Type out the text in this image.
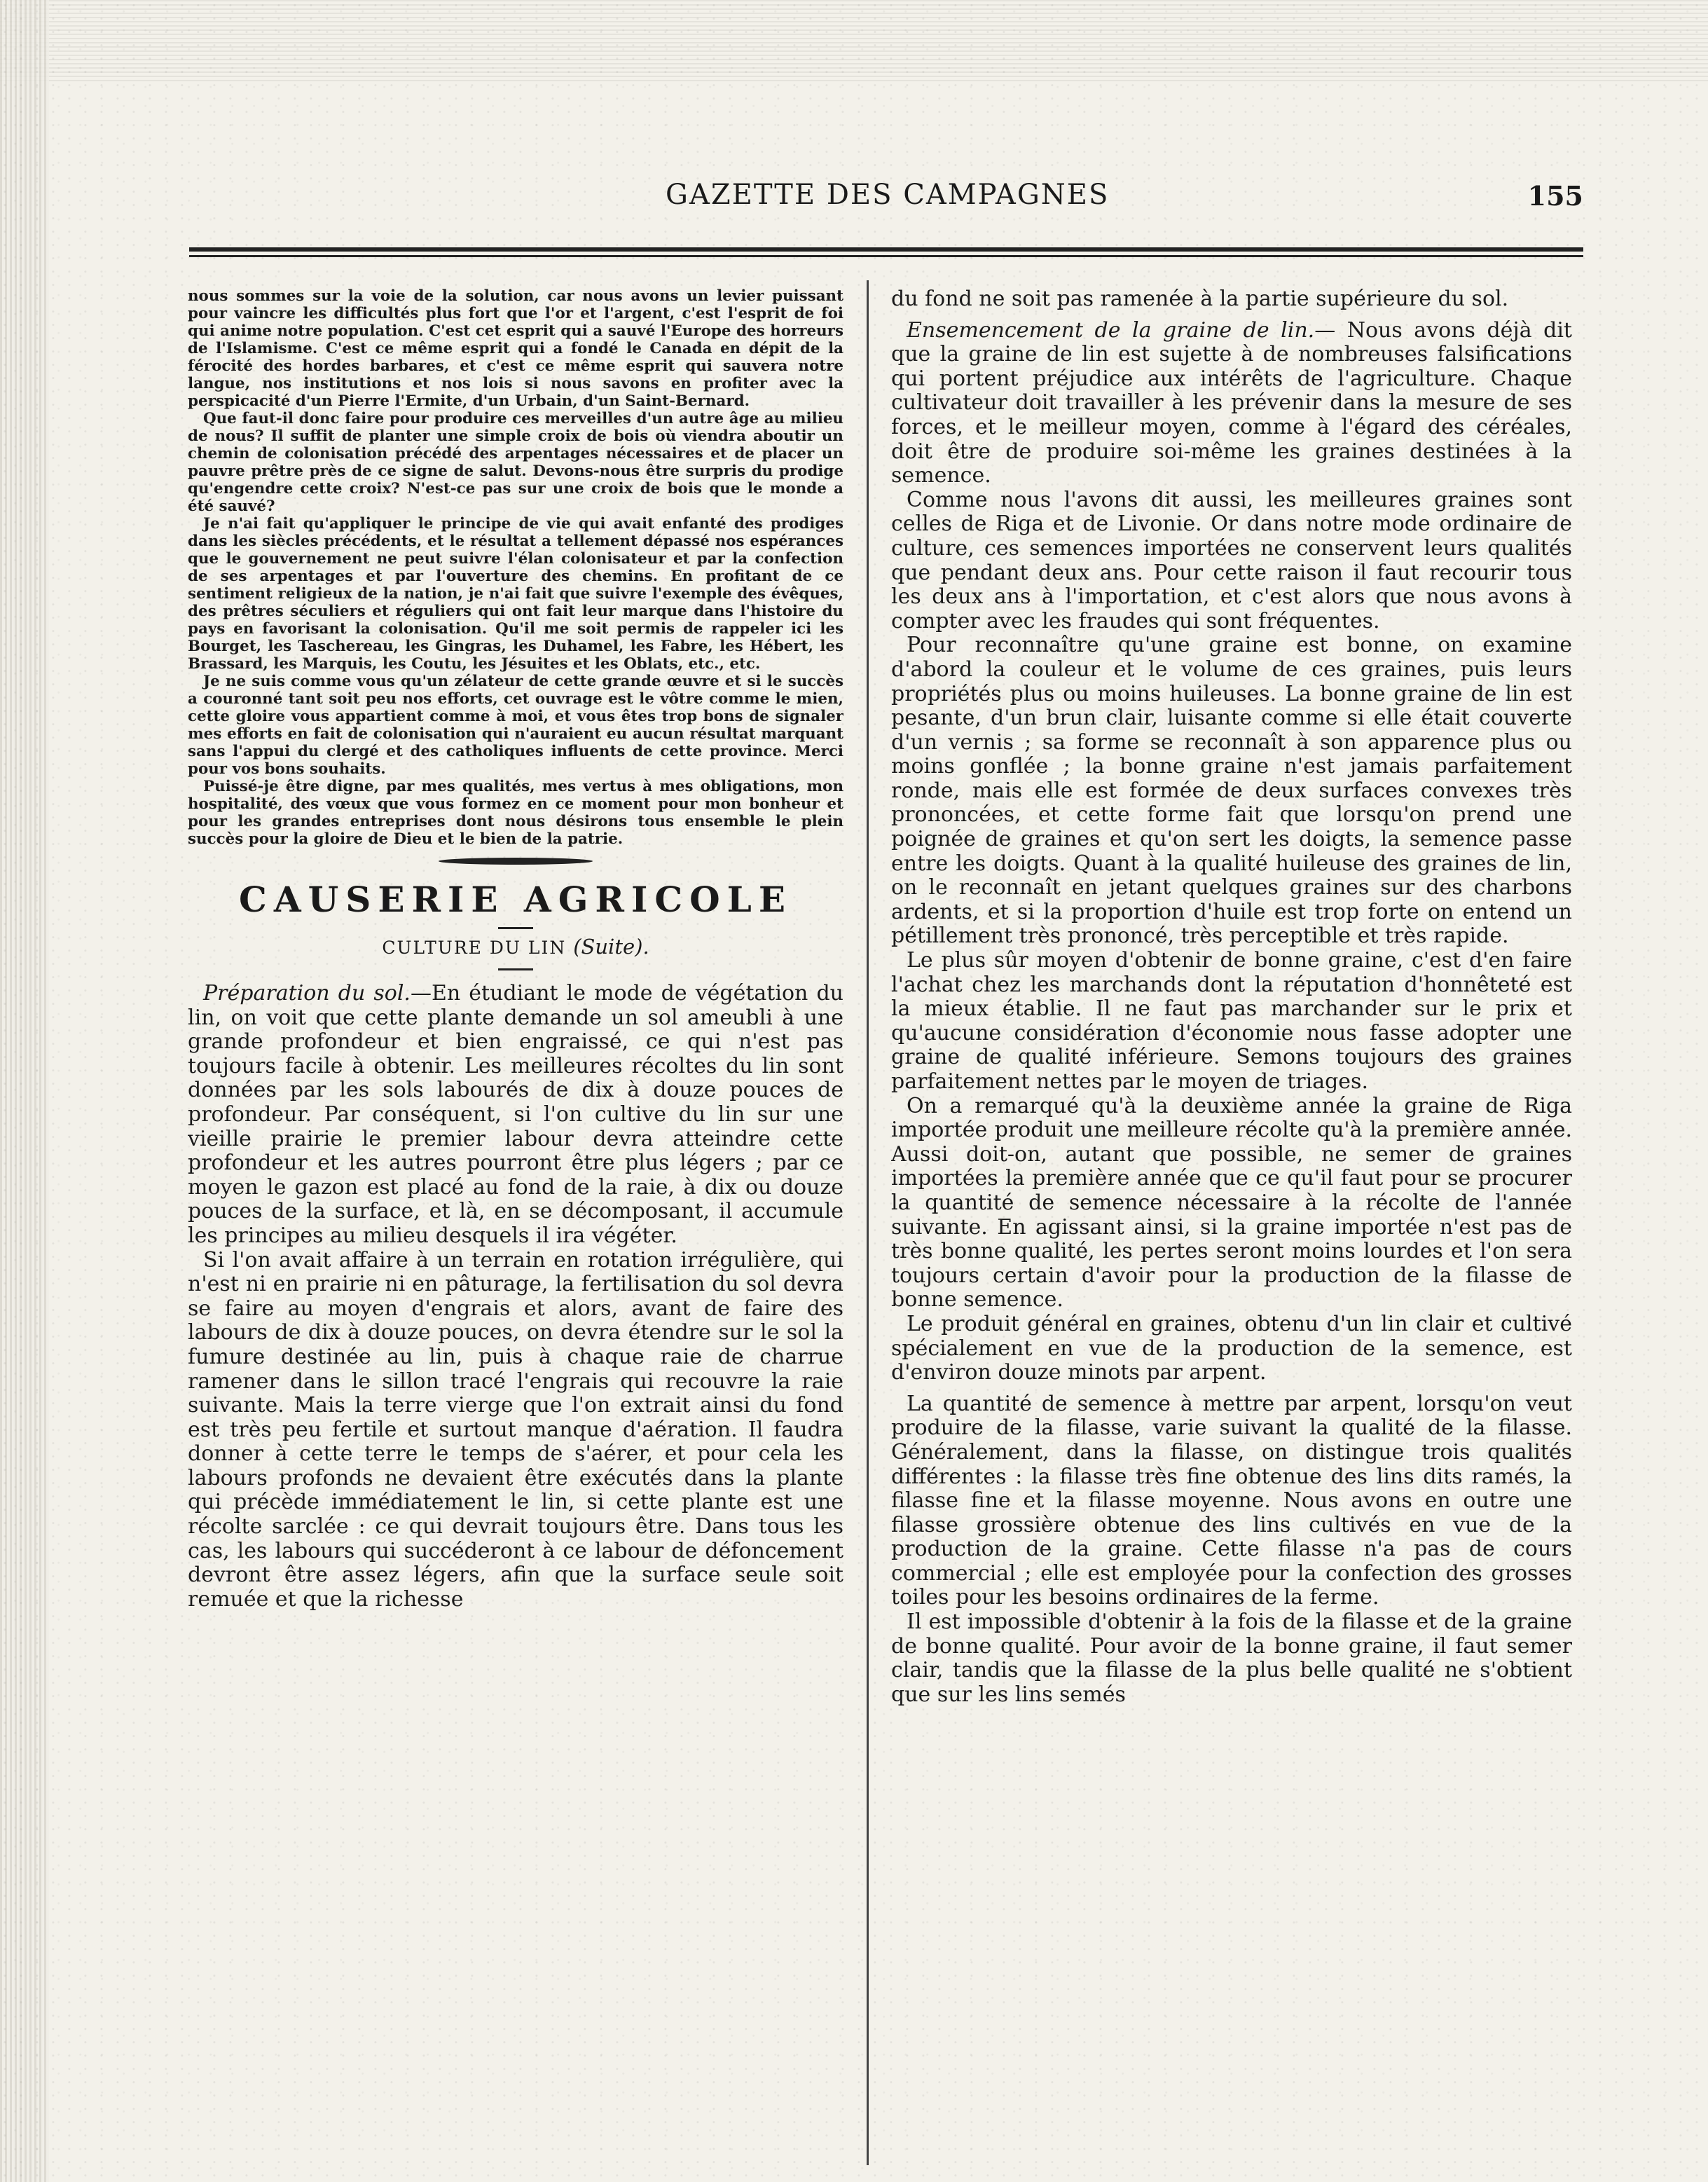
GAZETTE DES CAMPAGNES	155

nous sommes sur la voie de la solution, car nous avons un levier puissant pour vaincre les difficultés plus fort que l'or et l'argent, c'est l'esprit de foi qui anime notre population. C'est cet esprit qui a sauvé l'Europe des horreurs de l'Islamisme. C'est ce même esprit qui a fondé le Canada en dépit de la férocité des hordes barbares, et c'est ce même esprit qui sauvera notre langue, nos institutions et nos lois si nous savons en profiter avec la perspicacité d'un Pierre l'Ermite, d'un Urbain, d'un Saint-Bernard.

Que faut-il donc faire pour produire ces merveilles d'un autre âge au milieu de nous? Il suffit de planter une simple croix de bois où viendra aboutir un chemin de colonisation précédé des arpentages nécessaires et de placer un pauvre prêtre près de ce signe de salut. Devons-nous être surpris du prodige qu'engendre cette croix? N'est-ce pas sur une croix de bois que le monde a été sauvé?

Je n'ai fait qu'appliquer le principe de vie qui avait enfanté des prodiges dans les siècles précédents, et le résultat a tellement dépassé nos espérances que le gouvernement ne peut suivre l'élan colonisateur et par la confection de ses arpentages et par l'ouverture des chemins. En profitant de ce sentiment religieux de la nation, je n'ai fait que suivre l'exemple des évêques, des prêtres séculiers et réguliers qui ont fait leur marque dans l'histoire du pays en favorisant la colonisation. Qu'il me soit permis de rappeler ici les Bourget, les Taschereau, les Gingras, les Duhamel, les Fabre, les Hébert, les Brassard, les Marquis, les Coutu, les Jésuites et les Oblats, etc., etc.

Je ne suis comme vous qu'un zélateur de cette grande œuvre et si le succès a couronné tant soit peu nos efforts, cet ouvrage est le vôtre comme le mien, cette gloire vous appartient comme à moi, et vous êtes trop bons de signaler mes efforts en fait de colonisation qui n'auraient eu aucun résultat marquant sans l'appui du clergé et des catholiques influents de cette province. Merci pour vos bons souhaits.

Puissé-je être digne, par mes qualités, mes vertus à mes obligations, mon hospitalité, des vœux que vous formez en ce moment pour mon bonheur et pour les grandes entreprises dont nous désirons tous ensemble le plein succès pour la gloire de Dieu et le bien de la patrie.

CAUSERIE AGRICOLE
CULTURE DU LIN (Suite).

Préparation du sol.—En étudiant le mode de végétation du lin, on voit que cette plante demande un sol ameubli à une grande profondeur et bien engraissé, ce qui n'est pas toujours facile à obtenir. Les meilleures récoltes du lin sont données par les sols labourés de dix à douze pouces de profondeur. Par conséquent, si l'on cultive du lin sur une vieille prairie le premier labour devra atteindre cette profondeur et les autres pourront être plus légers ; par ce moyen le gazon est placé au fond de la raie, à dix ou douze pouces de la surface, et là, en se décomposant, il accumule les principes au milieu desquels il ira végéter.

Si l'on avait affaire à un terrain en rotation irrégulière, qui n'est ni en prairie ni en pâturage, la fertilisation du sol devra se faire au moyen d'engrais et alors, avant de faire des labours de dix à douze pouces, on devra étendre sur le sol la fumure destinée au lin, puis à chaque raie de charrue ramener dans le sillon tracé l'engrais qui recouvre la raie suivante. Mais la terre vierge que l'on extrait ainsi du fond est très peu fertile et surtout manque d'aération. Il faudra donner à cette terre le temps de s'aérer, et pour cela les labours profonds ne devaient être exécutés dans la plante qui précède immédiatement le lin, si cette plante est une récolte sarclée : ce qui devrait toujours être. Dans tous les cas, les labours qui succéderont à ce labour de défoncement devront être assez légers, afin que la surface seule soit remuée et que la richesse

du fond ne soit pas ramenée à la partie supérieure du sol.

Ensemencement de la graine de lin.— Nous avons déjà dit que la graine de lin est sujette à de nombreuses falsifications qui portent préjudice aux intérêts de l'agriculture. Chaque cultivateur doit travailler à les prévenir dans la mesure de ses forces, et le meilleur moyen, comme à l'égard des céréales, doit être de produire soi-même les graines destinées à la semence.

Comme nous l'avons dit aussi, les meilleures graines sont celles de Riga et de Livonie. Or dans notre mode ordinaire de culture, ces semences importées ne conservent leurs qualités que pendant deux ans. Pour cette raison il faut recourir tous les deux ans à l'importation, et c'est alors que nous avons à compter avec les fraudes qui sont fréquentes.

Pour reconnaître qu'une graine est bonne, on examine d'abord la couleur et le volume de ces graines, puis leurs propriétés plus ou moins huileuses. La bonne graine de lin est pesante, d'un brun clair, luisante comme si elle était couverte d'un vernis ; sa forme se reconnaît à son apparence plus ou moins gonflée ; la bonne graine n'est jamais parfaitement ronde, mais elle est formée de deux surfaces convexes très prononcées, et cette forme fait que lorsqu'on prend une poignée de graines et qu'on sert les doigts, la semence passe entre les doigts. Quant à la qualité huileuse des graines de lin, on le reconnaît en jetant quelques graines sur des charbons ardents, et si la proportion d'huile est trop forte on entend un pétillement très prononcé, très perceptible et très rapide.

Le plus sûr moyen d'obtenir de bonne graine, c'est d'en faire l'achat chez les marchands dont la réputation d'honnêteté est la mieux établie. Il ne faut pas marchander sur le prix et qu'aucune considération d'économie nous fasse adopter une graine de qualité inférieure. Semons toujours des graines parfaitement nettes par le moyen de triages.

On a remarqué qu'à la deuxième année la graine de Riga importée produit une meilleure récolte qu'à la première année. Aussi doit-on, autant que possible, ne semer de graines importées la première année que ce qu'il faut pour se procurer la quantité de semence nécessaire à la récolte de l'année suivante. En agissant ainsi, si la graine importée n'est pas de très bonne qualité, les pertes seront moins lourdes et l'on sera toujours certain d'avoir pour la production de la filasse de bonne semence.

Le produit général en graines, obtenu d'un lin clair et cultivé spécialement en vue de la production de la semence, est d'environ douze minots par arpent.

La quantité de semence à mettre par arpent, lorsqu'on veut produire de la filasse, varie suivant la qualité de la filasse. Généralement, dans la filasse, on distingue trois qualités différentes : la filasse très fine obtenue des lins dits ramés, la filasse fine et la filasse moyenne. Nous avons en outre une filasse grossière obtenue des lins cultivés en vue de la production de la graine. Cette filasse n'a pas de cours commercial ; elle est employée pour la confection des grosses toiles pour les besoins ordinaires de la ferme.

Il est impossible d'obtenir à la fois de la filasse et de la graine de bonne qualité. Pour avoir de la bonne graine, il faut semer clair, tandis que la filasse de la plus belle qualité ne s'obtient que sur les lins semés
